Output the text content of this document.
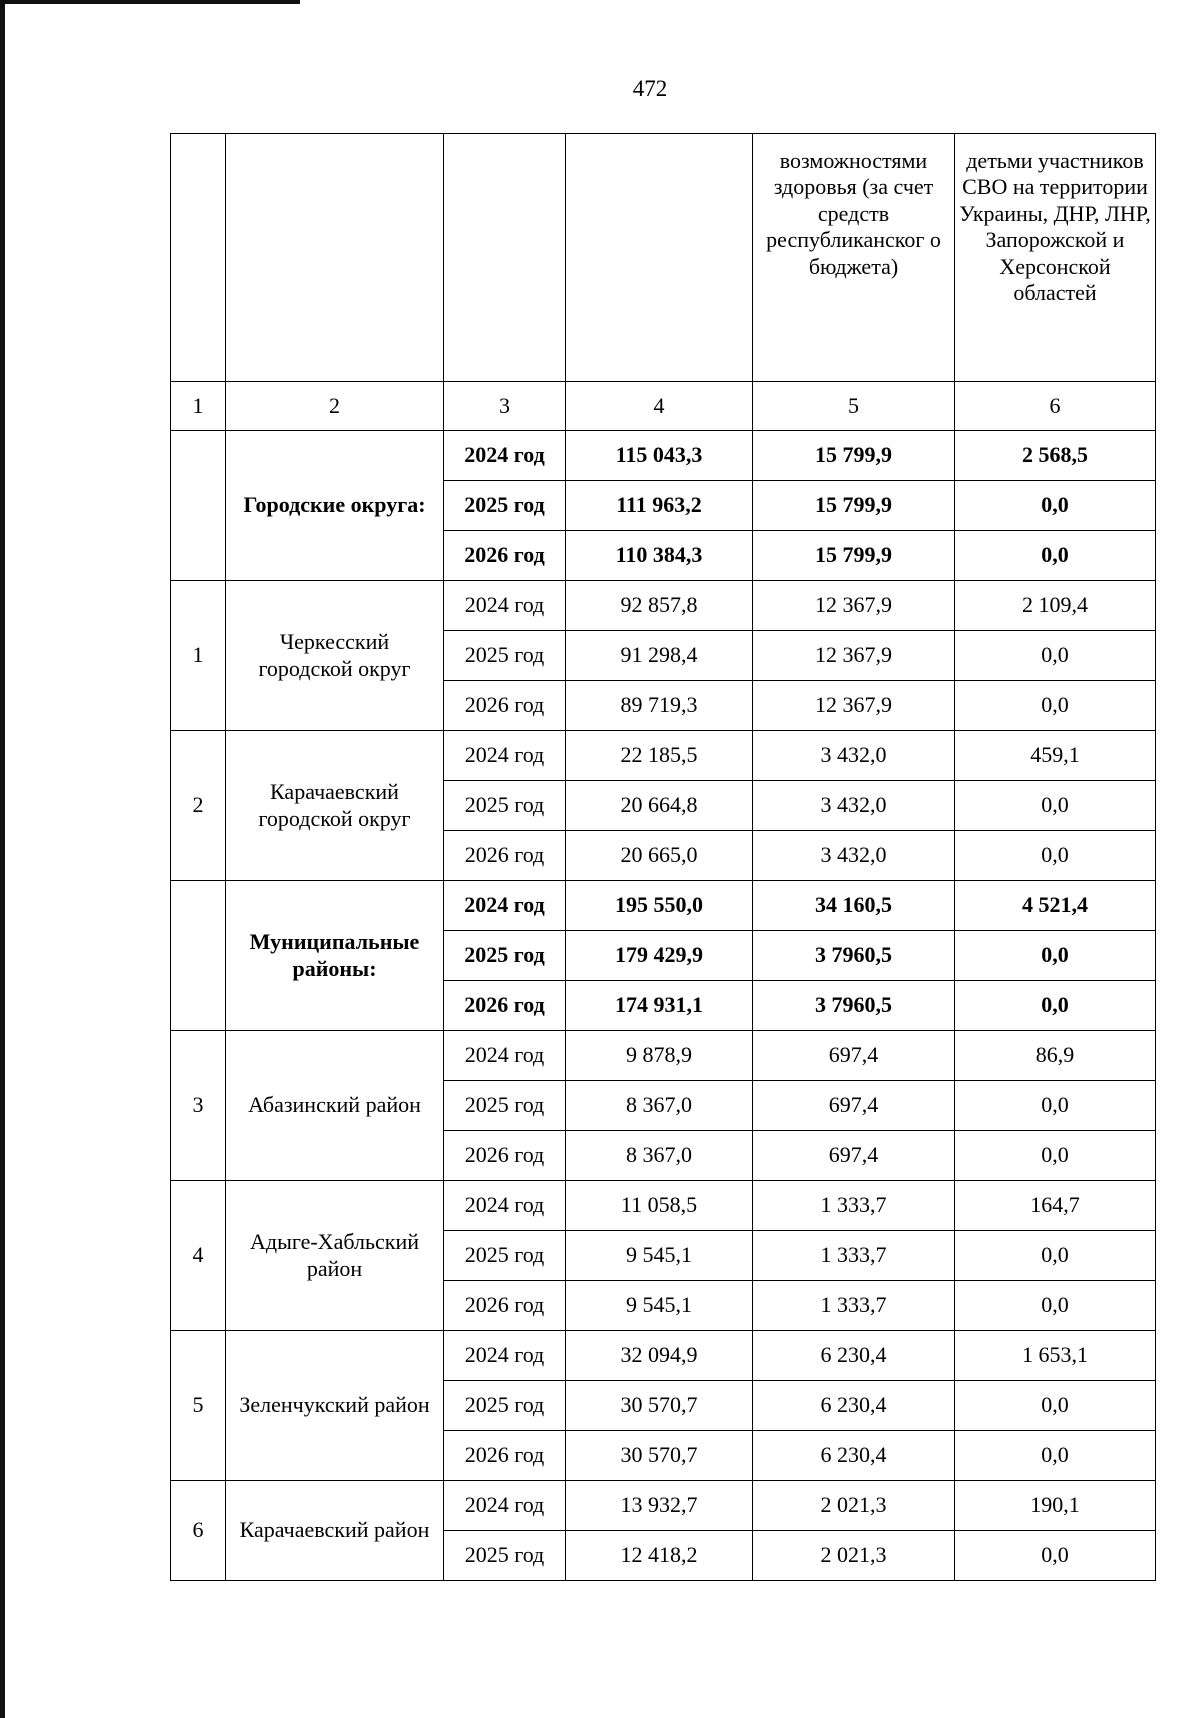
472
				возможностями здоровья (за счет средств республиканског о бюджета)	детьми участников СВО на территории Украины, ДНР, ЛНР, Запорожской и Херсонской областей
1	2	3	4	5	6
	Городские округа:	2024 год	115 043,3	15 799,9	2 568,5
		2025 год	111 963,2	15 799,9	0,0
		2026 год	110 384,3	15 799,9	0,0
1	Черкесский городской округ	2024 год	92 857,8	12 367,9	2 109,4
		2025 год	91 298,4	12 367,9	0,0
		2026 год	89 719,3	12 367,9	0,0
2	Карачаевский городской округ	2024 год	22 185,5	3 432,0	459,1
		2025 год	20 664,8	3 432,0	0,0
		2026 год	20 665,0	3 432,0	0,0
	Муниципальные районы:	2024 год	195 550,0	34 160,5	4 521,4
		2025 год	179 429,9	3 7960,5	0,0
		2026 год	174 931,1	3 7960,5	0,0
3	Абазинский район	2024 год	9 878,9	697,4	86,9
		2025 год	8 367,0	697,4	0,0
		2026 год	8 367,0	697,4	0,0
4	Адыге-Хабльский район	2024 год	11 058,5	1 333,7	164,7
		2025 год	9 545,1	1 333,7	0,0
		2026 год	9 545,1	1 333,7	0,0
5	Зеленчукский район	2024 год	32 094,9	6 230,4	1 653,1
		2025 год	30 570,7	6 230,4	0,0
		2026 год	30 570,7	6 230,4	0,0
6	Карачаевский район	2024 год	13 932,7	2 021,3	190,1
		2025 год	12 418,2	2 021,3	0,0
